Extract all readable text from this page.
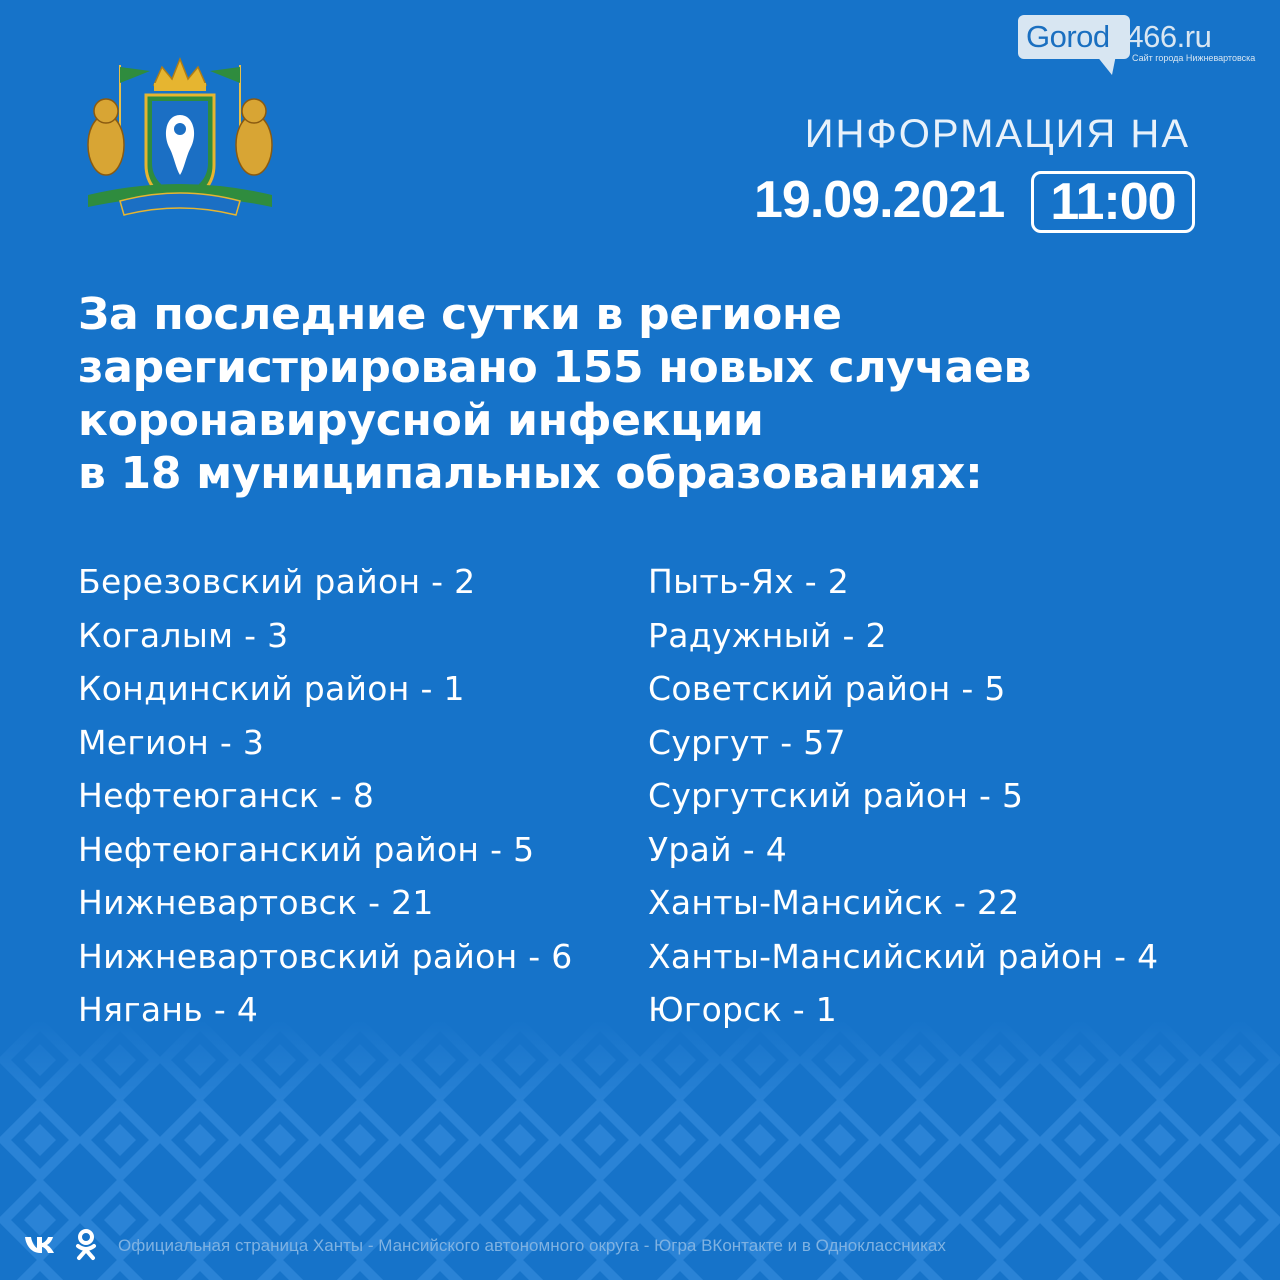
Gorod3466.ru
Сайт города Нижневартовска
ИНФОРМАЦИЯ НА
19.09.2021 11:00
За последние сутки в регионе
зарегистрировано 155 новых случаев
коронавирусной инфекции
в 18 муниципальных образованиях:
Березовский район - 2
Когалым - 3
Кондинский район - 1
Мегион - 3
Нефтеюганск - 8
Нефтеюганский район - 5
Нижневартовск - 21
Нижневартовский район - 6
Нягань - 4
Пыть-Ях - 2
Радужный - 2
Советский район - 5
Сургут - 57
Сургутский район - 5
Урай - 4
Ханты-Мансийск - 22
Ханты-Мансийский район - 4
Югорск - 1
Официальная страница Ханты - Мансийского автономного округа - Югра ВКонтакте и в Одноклассниках
